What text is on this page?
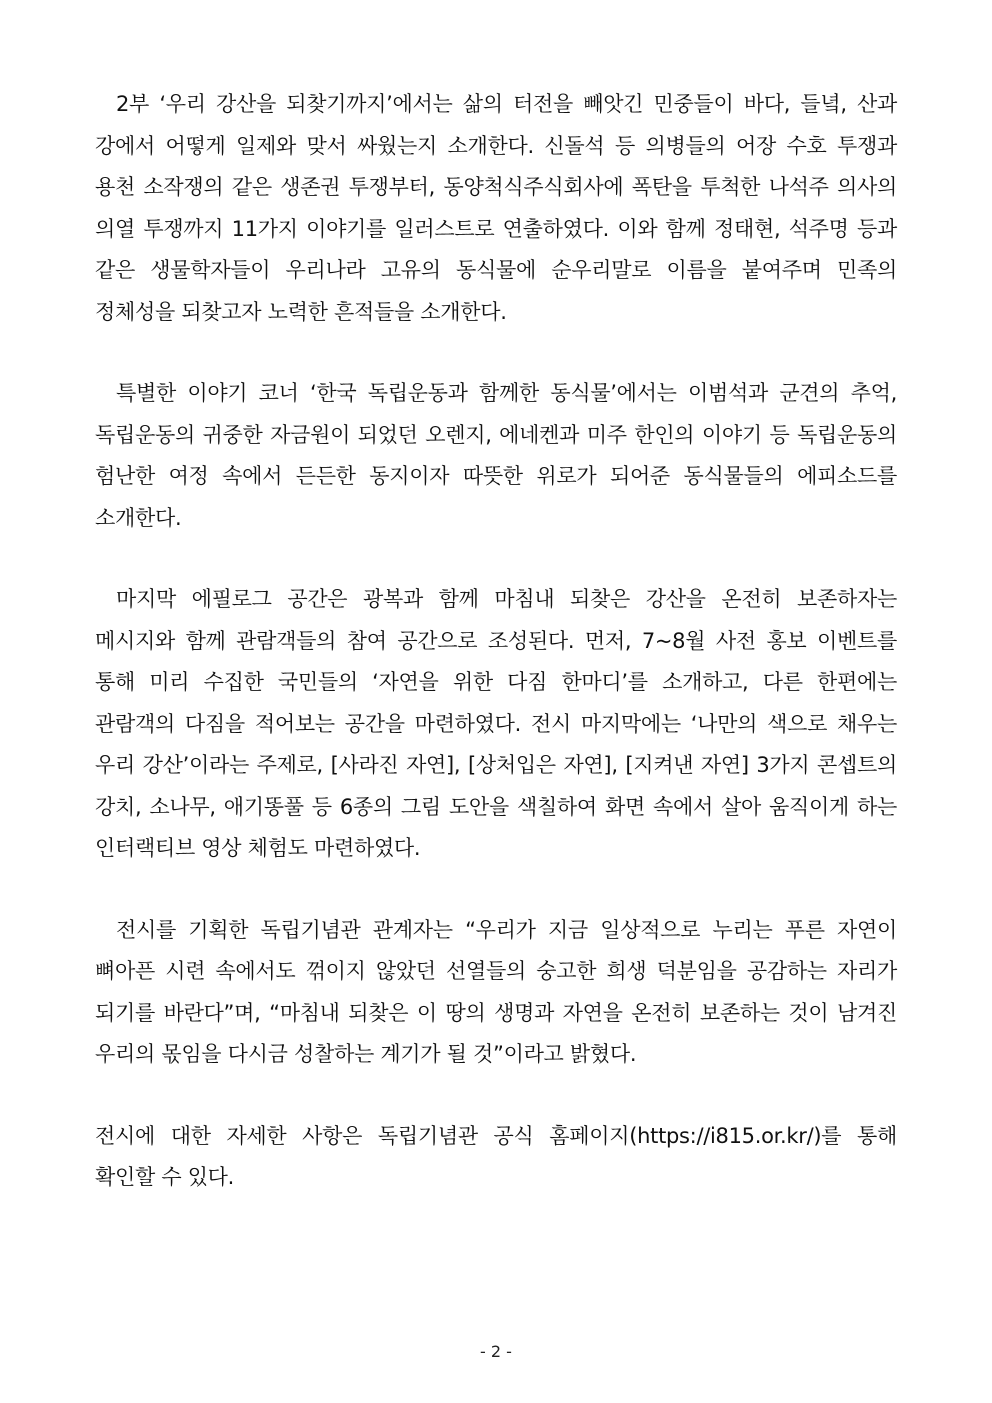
2부 ‘우리 강산을 되찾기까지’에서는 삶의 터전을 빼앗긴 민중들이 바다, 들녘, 산과 강에서 어떻게 일제와 맞서 싸웠는지 소개한다. 신돌석 등 의병들의 어장 수호 투쟁과 용천 소작쟁의 같은 생존권 투쟁부터, 동양척식주식회사에 폭탄을 투척한 나석주 의사의 의열 투쟁까지 11가지 이야기를 일러스트로 연출하였다. 이와 함께 정태현, 석주명 등과 같은 생물학자들이 우리나라 고유의 동식물에 순우리말로 이름을 붙여주며 민족의 정체성을 되찾고자 노력한 흔적들을 소개한다.

특별한 이야기 코너 ‘한국 독립운동과 함께한 동식물’에서는 이범석과 군견의 추억, 독립운동의 귀중한 자금원이 되었던 오렌지, 에네켄과 미주 한인의 이야기 등 독립운동의 험난한 여정 속에서 든든한 동지이자 따뜻한 위로가 되어준 동식물들의 에피소드를 소개한다.

마지막 에필로그 공간은 광복과 함께 마침내 되찾은 강산을 온전히 보존하자는 메시지와 함께 관람객들의 참여 공간으로 조성된다. 먼저, 7~8월 사전 홍보 이벤트를 통해 미리 수집한 국민들의 ‘자연을 위한 다짐 한마디’를 소개하고, 다른 한편에는 관람객의 다짐을 적어보는 공간을 마련하였다. 전시 마지막에는 ‘나만의 색으로 채우는 우리 강산’이라는 주제로, [사라진 자연], [상처입은 자연], [지켜낸 자연] 3가지 콘셉트의 강치, 소나무, 애기똥풀 등 6종의 그림 도안을 색칠하여 화면 속에서 살아 움직이게 하는 인터랙티브 영상 체험도 마련하였다.

전시를 기획한 독립기념관 관계자는 “우리가 지금 일상적으로 누리는 푸른 자연이 뼈아픈 시련 속에서도 꺾이지 않았던 선열들의 숭고한 희생 덕분임을 공감하는 자리가 되기를 바란다”며, “마침내 되찾은 이 땅의 생명과 자연을 온전히 보존하는 것이 남겨진 우리의 몫임을 다시금 성찰하는 계기가 될 것”이라고 밝혔다.

전시에 대한 자세한 사항은 독립기념관 공식 홈페이지(https://i815.or.kr/)를 통해 확인할 수 있다.

- 2 -
